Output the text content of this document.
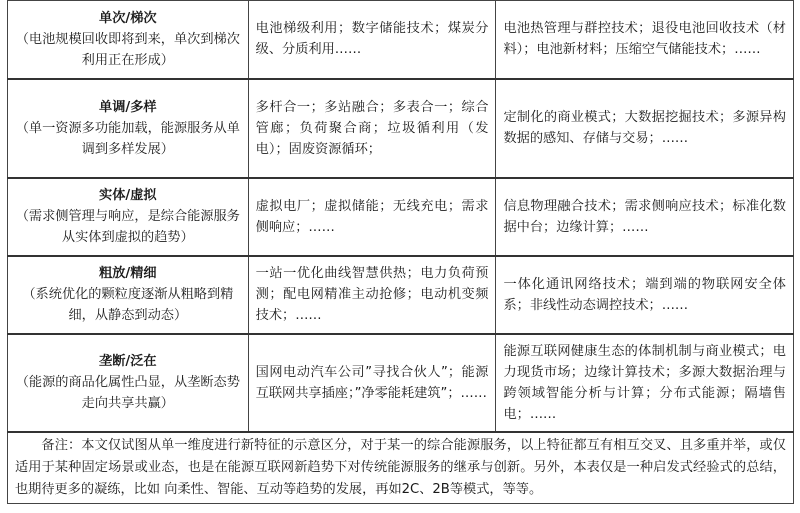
单次/梯次
（电池规模回收即将到来，单次到梯次利用正在形成）	电池梯级利用；数字储能技术；煤炭分级、分质利用……	电池热管理与群控技术；退役电池回收技术（材料）；电池新材料；压缩空气储能技术；……

单调/多样
（单一资源多功能加载，能源服务从单调到多样发展）	多杆合一；多站融合；多表合一；综合管廊；负荷聚合商；垃圾循利用（发电）；固废资源循环；	定制化的商业模式；大数据挖掘技术；多源异构数据的感知、存储与交易；……

实体/虚拟
（需求侧管理与响应，是综合能源服务从实体到虚拟的趋势）	虚拟电厂；虚拟储能；无线充电；需求侧响应；……	信息物理融合技术；需求侧响应技术；标准化数据中台；边缘计算；……

粗放/精细
（系统优化的颗粒度逐渐从粗略到精细，从静态到动态）	一站一优化曲线智慧供热；电力负荷预测；配电网精准主动抢修；电动机变频技术；……	一体化通讯网络技术；端到端的物联网安全体系；非线性动态调控技术；……

垄断/泛在
（能源的商品化属性凸显，从垄断态势走向共享共赢）	国网电动汽车公司”寻找合伙人”；能源互联网共享插座；”净零能耗建筑”；……	能源互联网健康生态的体制机制与商业模式；电力现货市场；边缘计算技术；多源大数据治理与跨领域智能分析与计算；分布式能源；隔墙售电；……
备注：本文仅试图从单一维度进行新特征的示意区分，对于某一的综合能源服务，以上特征都互有相互交叉、且多重并举，或仅适用于某种固定场景或业态，也是在能源互联网新趋势下对传统能源服务的继承与创新。另外，本表仅是一种启发式经验式的总结，也期待更多的凝练，比如 向柔性、智能、互动等趋势的发展，再如2C、2B等模式，等等。		
